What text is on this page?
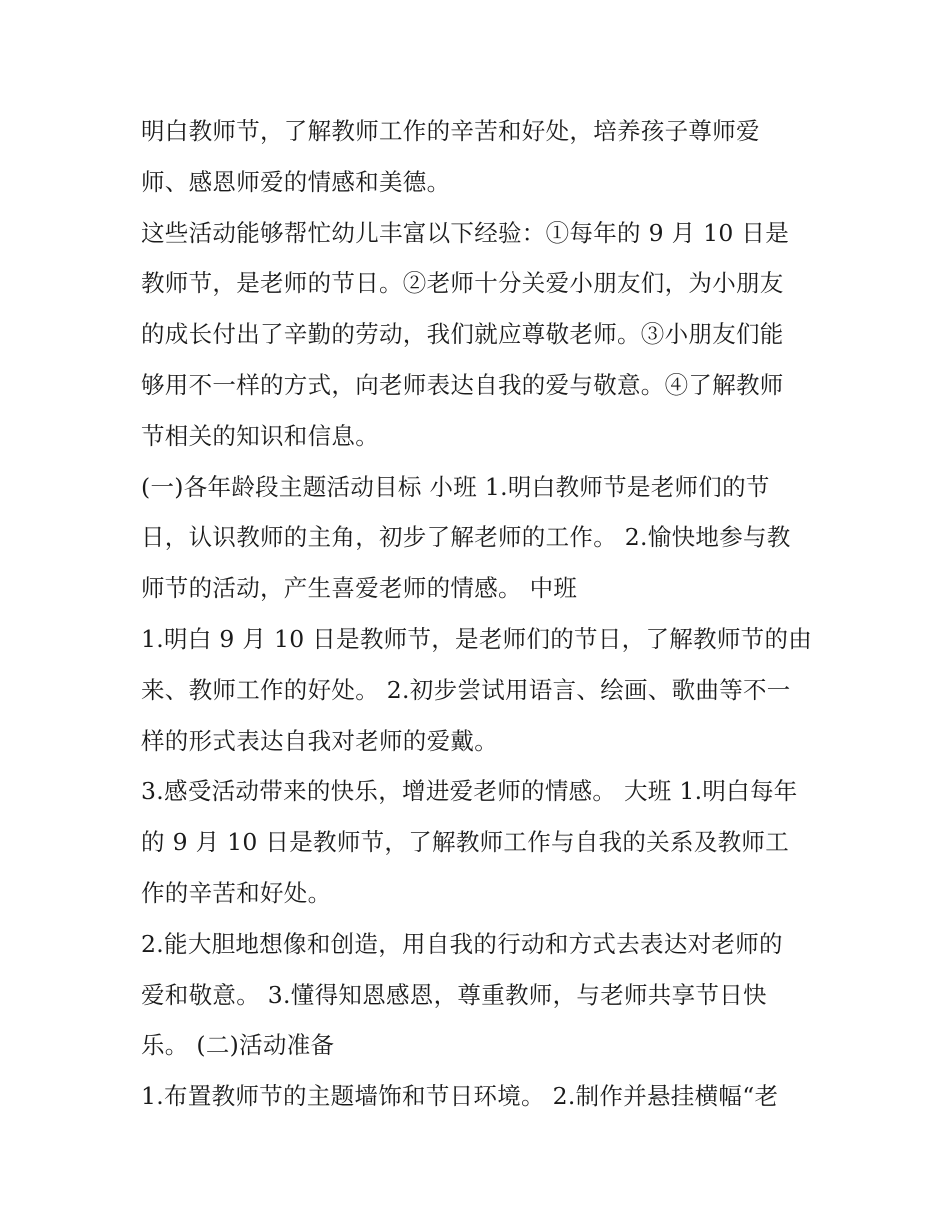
明白教师节，了解教师工作的辛苦和好处，培养孩子尊师爱
师、感恩师爱的情感和美德。

这些活动能够帮忙幼儿丰富以下经验：①每年的 9 月 10 日是
教师节，是老师的节日。②老师十分关爱小朋友们，为小朋友
的成长付出了辛勤的劳动，我们就应尊敬老师。③小朋友们能
够用不一样的方式，向老师表达自我的爱与敬意。④了解教师
节相关的知识和信息。

(一)各年龄段主题活动目标 小班 1.明白教师节是老师们的节
日，认识教师的主角，初步了解老师的工作。 2.愉快地参与教
师节的活动，产生喜爱老师的情感。 中班

1.明白 9 月 10 日是教师节，是老师们的节日，了解教师节的由
来、教师工作的好处。 2.初步尝试用语言、绘画、歌曲等不一
样的形式表达自我对老师的爱戴。

3.感受活动带来的快乐，增进爱老师的情感。 大班 1.明白每年
的 9 月 10 日是教师节，了解教师工作与自我的关系及教师工
作的辛苦和好处。

2.能大胆地想像和创造，用自我的行动和方式去表达对老师的
爱和敬意。 3.懂得知恩感恩，尊重教师，与老师共享节日快
乐。 (二)活动准备

1.布置教师节的主题墙饰和节日环境。 2.制作并悬挂横幅“老
